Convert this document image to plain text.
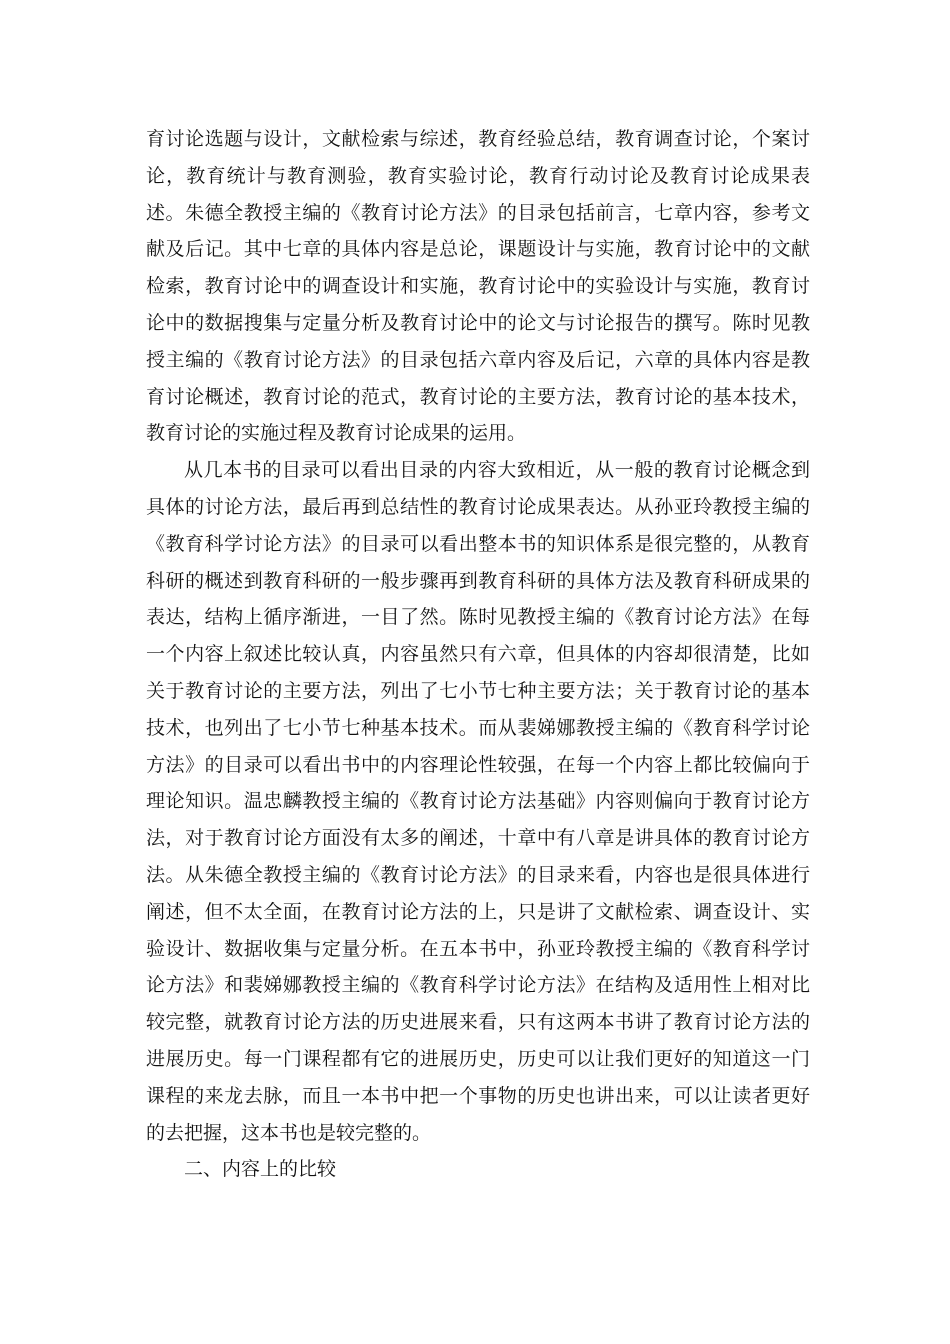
育讨论选题与设计，文献检索与综述，教育经验总结，教育调查讨论，个案讨论，教育统计与教育测验，教育实验讨论，教育行动讨论及教育讨论成果表述。朱德全教授主编的《教育讨论方法》的目录包括前言，七章内容，参考文献及后记。其中七章的具体内容是总论，课题设计与实施，教育讨论中的文献检索，教育讨论中的调查设计和实施，教育讨论中的实验设计与实施，教育讨论中的数据搜集与定量分析及教育讨论中的论文与讨论报告的撰写。陈时见教授主编的《教育讨论方法》的目录包括六章内容及后记，六章的具体内容是教育讨论概述，教育讨论的范式，教育讨论的主要方法，教育讨论的基本技术，教育讨论的实施过程及教育讨论成果的运用。

从几本书的目录可以看出目录的内容大致相近，从一般的教育讨论概念到具体的讨论方法，最后再到总结性的教育讨论成果表达。从孙亚玲教授主编的《教育科学讨论方法》的目录可以看出整本书的知识体系是很完整的，从教育科研的概述到教育科研的一般步骤再到教育科研的具体方法及教育科研成果的表达，结构上循序渐进，一目了然。陈时见教授主编的《教育讨论方法》在每一个内容上叙述比较认真，内容虽然只有六章，但具体的内容却很清楚，比如关于教育讨论的主要方法，列出了七小节七种主要方法；关于教育讨论的基本技术，也列出了七小节七种基本技术。而从裴娣娜教授主编的《教育科学讨论方法》的目录可以看出书中的内容理论性较强，在每一个内容上都比较偏向于理论知识。温忠麟教授主编的《教育讨论方法基础》内容则偏向于教育讨论方法，对于教育讨论方面没有太多的阐述，十章中有八章是讲具体的教育讨论方法。从朱德全教授主编的《教育讨论方法》的目录来看，内容也是很具体进行阐述，但不太全面，在教育讨论方法的上，只是讲了文献检索、调查设计、实验设计、数据收集与定量分析。在五本书中，孙亚玲教授主编的《教育科学讨论方法》和裴娣娜教授主编的《教育科学讨论方法》在结构及适用性上相对比较完整，就教育讨论方法的历史进展来看，只有这两本书讲了教育讨论方法的进展历史。每一门课程都有它的进展历史，历史可以让我们更好的知道这一门课程的来龙去脉，而且一本书中把一个事物的历史也讲出来，可以让读者更好的去把握，这本书也是较完整的。

二、内容上的比较
